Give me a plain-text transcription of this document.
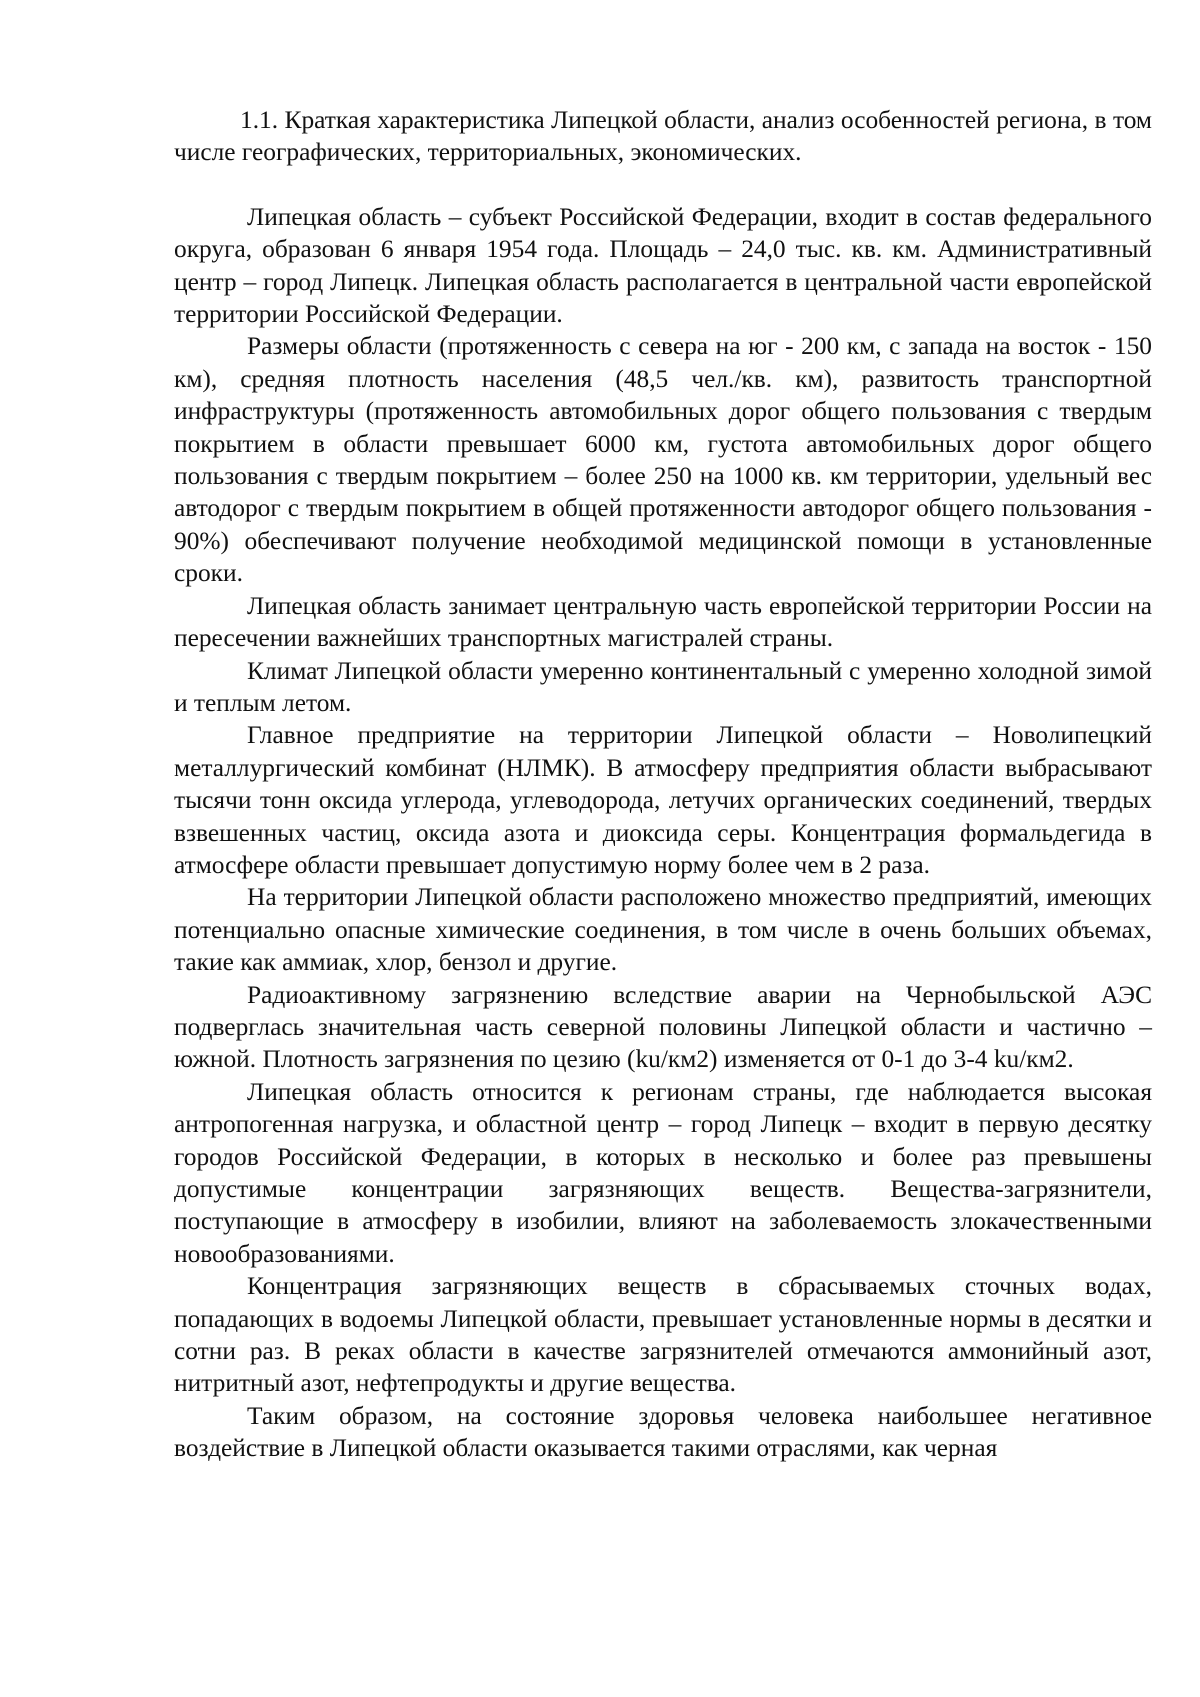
1.1. Краткая характеристика Липецкой области, анализ особенностей региона, в том числе географических, территориальных, экономических.

Липецкая область – субъект Российской Федерации, входит в состав федерального округа, образован 6 января 1954 года. Площадь – 24,0 тыс. кв. км. Административный центр – город Липецк. Липецкая область располагается в центральной части европейской территории Российской Федерации.

Размеры области (протяженность с севера на юг - 200 км, с запада на восток - 150 км), средняя плотность населения (48,5 чел./кв. км), развитость транспортной инфраструктуры (протяженность автомобильных дорог общего пользования с твердым покрытием в области превышает 6000 км, густота автомобильных дорог общего пользования с твердым покрытием – более 250 на 1000 кв. км территории, удельный вес автодорог с твердым покрытием в общей протяженности автодорог общего пользования - 90%) обеспечивают получение необходимой медицинской помощи в установленные сроки.

Липецкая область занимает центральную часть европейской территории России на пересечении важнейших транспортных магистралей страны.

Климат Липецкой области умеренно континентальный с умеренно холодной зимой и теплым летом.

Главное предприятие на территории Липецкой области – Новолипецкий металлургический комбинат (НЛМК). В атмосферу предприятия области выбрасывают тысячи тонн оксида углерода, углеводорода, летучих органических соединений, твердых взвешенных частиц, оксида азота и диоксида серы. Концентрация формальдегида в атмосфере области превышает допустимую норму более чем в 2 раза.

На территории Липецкой области расположено множество предприятий, имеющих потенциально опасные химические соединения, в том числе в очень больших объемах, такие как аммиак, хлор, бензол и другие.

Радиоактивному загрязнению вследствие аварии на Чернобыльской АЭС подверглась значительная часть северной половины Липецкой области и частично – южной. Плотность загрязнения по цезию (ku/км2) изменяется от 0-1 до 3-4 ku/км2.

Липецкая область относится к регионам страны, где наблюдается высокая антропогенная нагрузка, и областной центр – город Липецк – входит в первую десятку городов Российской Федерации, в которых в несколько и более раз превышены допустимые концентрации загрязняющих веществ. Вещества-загрязнители, поступающие в атмосферу в изобилии, влияют на заболеваемость злокачественными новообразованиями.

Концентрация загрязняющих веществ в сбрасываемых сточных водах, попадающих в водоемы Липецкой области, превышает установленные нормы в десятки и сотни раз. В реках области в качестве загрязнителей отмечаются аммонийный азот, нитритный азот, нефтепродукты и другие вещества.

Таким образом, на состояние здоровья человека наибольшее негативное воздействие в Липецкой области оказывается такими отраслями, как черная
